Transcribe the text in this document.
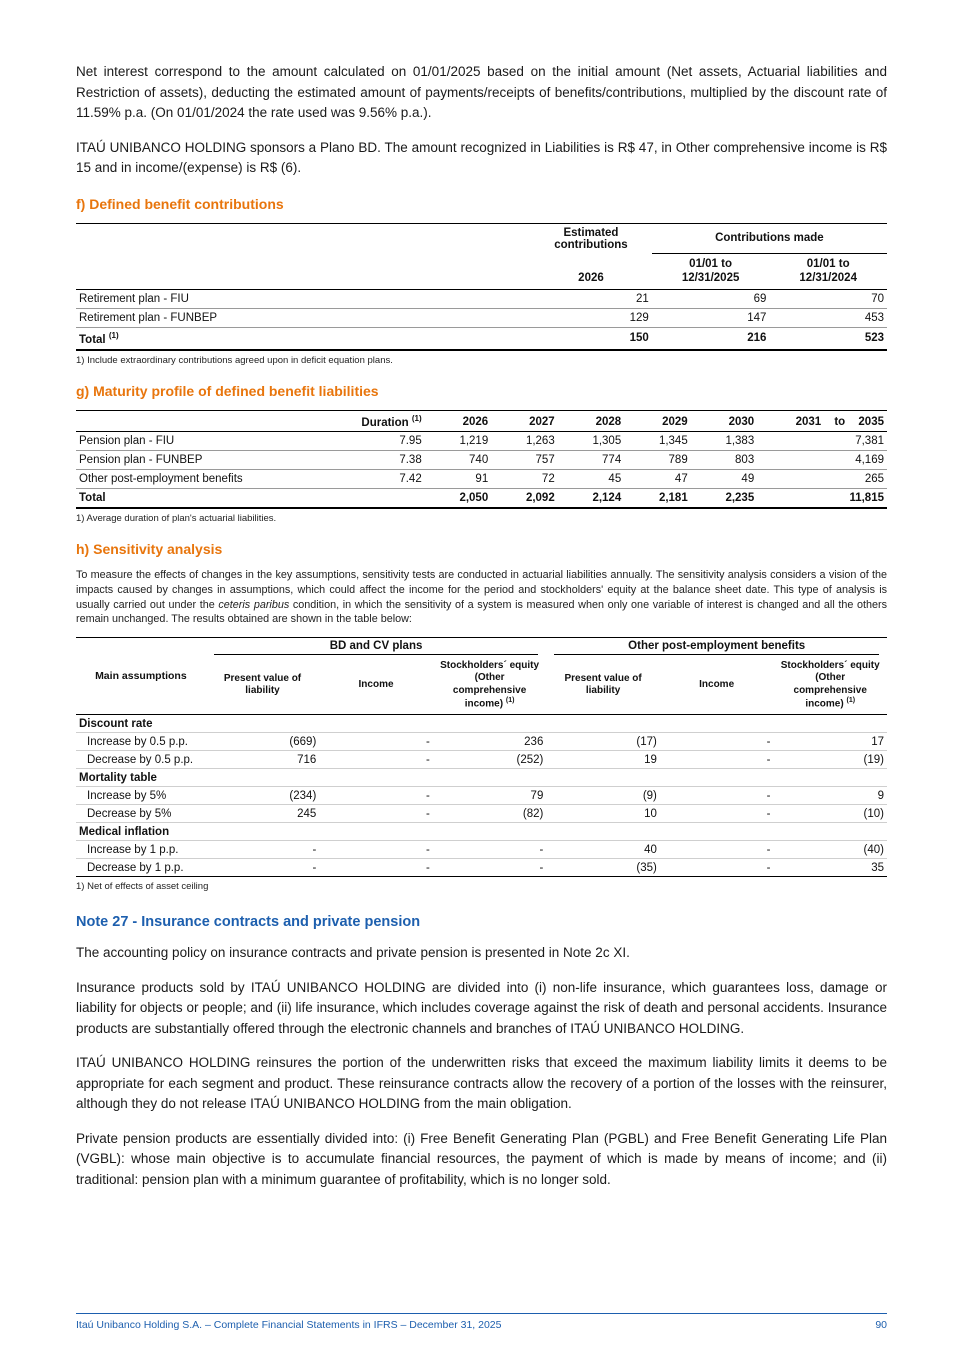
Net interest correspond to the amount calculated on 01/01/2025 based on the initial amount (Net assets, Actuarial liabilities and Restriction of assets), deducting the estimated amount of payments/receipts of benefits/contributions, multiplied by the discount rate of 11.59% p.a. (On 01/01/2024 the rate used was 9.56% p.a.).

ITAÚ UNIBANCO HOLDING sponsors a Plano BD. The amount recognized in Liabilities is R$ 47, in Other comprehensive income is R$ 15 and in income/(expense) is R$ (6).

f) Defined benefit contributions
	Estimated contributions	Contributions made	
	2026	01/01 to 12/31/2025	01/01 to 12/31/2024
Retirement plan - FIU	21	69	70
Retirement plan - FUNBEP	129	147	453
Total $^{(1)}$	150	216	523
1) Include extraordinary contributions agreed upon in deficit equation plans.
g) Maturity profile of defined benefit liabilities
	Duration $^{(1)}$	2026	2027	2028	2029	2030	2031 to 2035
Pension plan - FIU	7.95	1,219	1,263	1,305	1,345	1,383	7,381
Pension plan - FUNBEP	7.38	740	757	774	789	803	4,169
Other post-employment benefits	7.42	91	72	45	47	49	265
Total		2,050	2,092	2,124	2,181	2,235	11,815
1) Average duration of plan's actuarial liabilities.
h) Sensitivity analysis

To measure the effects of changes in the key assumptions, sensitivity tests are conducted in actuarial liabilities annually. The sensitivity analysis considers a vision of the impacts caused by changes in assumptions, which could affect the income for the period and stockholders' equity at the balance sheet date. This type of analysis is usually carried out under the ceteris paribus condition, in which the sensitivity of a system is measured when only one variable of interest is changed and all the others remain unchanged. The results obtained are shown in the table below:

Main assumptions	BD and CV plans			Other post-employment benefits		

	Present value of liability	Income	Stockholders´ equity (Other comprehensive income) $^{(1)}$	Present value of liability	Income	Stockholders´ equity (Other comprehensive income) $^{(1)}$
Discount rate						
Increase by 0.5 p.p.	(669)	-	236	(17)	-	17
Decrease by 0.5 p.p.	716	-	(252)	19	-	(19)
Mortality table						
Increase by 5%	(234)	-	79	(9)	-	9
Decrease by 5%	245	-	(82)	10	-	(10)
Medical inflation						
Increase by 1 p.p.	-	-	-	40	-	(40)
Decrease by 1 p.p.	-	-	-	(35)	-	35
1) Net of effects of asset ceiling
Note 27 - Insurance contracts and private pension

The accounting policy on insurance contracts and private pension is presented in Note 2c XI.

Insurance products sold by ITAÚ UNIBANCO HOLDING are divided into (i) non-life insurance, which guarantees loss, damage or liability for objects or people; and (ii) life insurance, which includes coverage against the risk of death and personal accidents. Insurance products are substantially offered through the electronic channels and branches of ITAÚ UNIBANCO HOLDING.

ITAÚ UNIBANCO HOLDING reinsures the portion of the underwritten risks that exceed the maximum liability limits it deems to be appropriate for each segment and product. These reinsurance contracts allow the recovery of a portion of the losses with the reinsurer, although they do not release ITAÚ UNIBANCO HOLDING from the main obligation.

Private pension products are essentially divided into: (i) Free Benefit Generating Plan (PGBL) and Free Benefit Generating Life Plan (VGBL): whose main objective is to accumulate financial resources, the payment of which is made by means of income; and (ii) traditional: pension plan with a minimum guarantee of profitability, which is no longer sold.

Itaú Unibanco Holding S.A. – Complete Financial Statements in IFRS – December 31, 2025	90
